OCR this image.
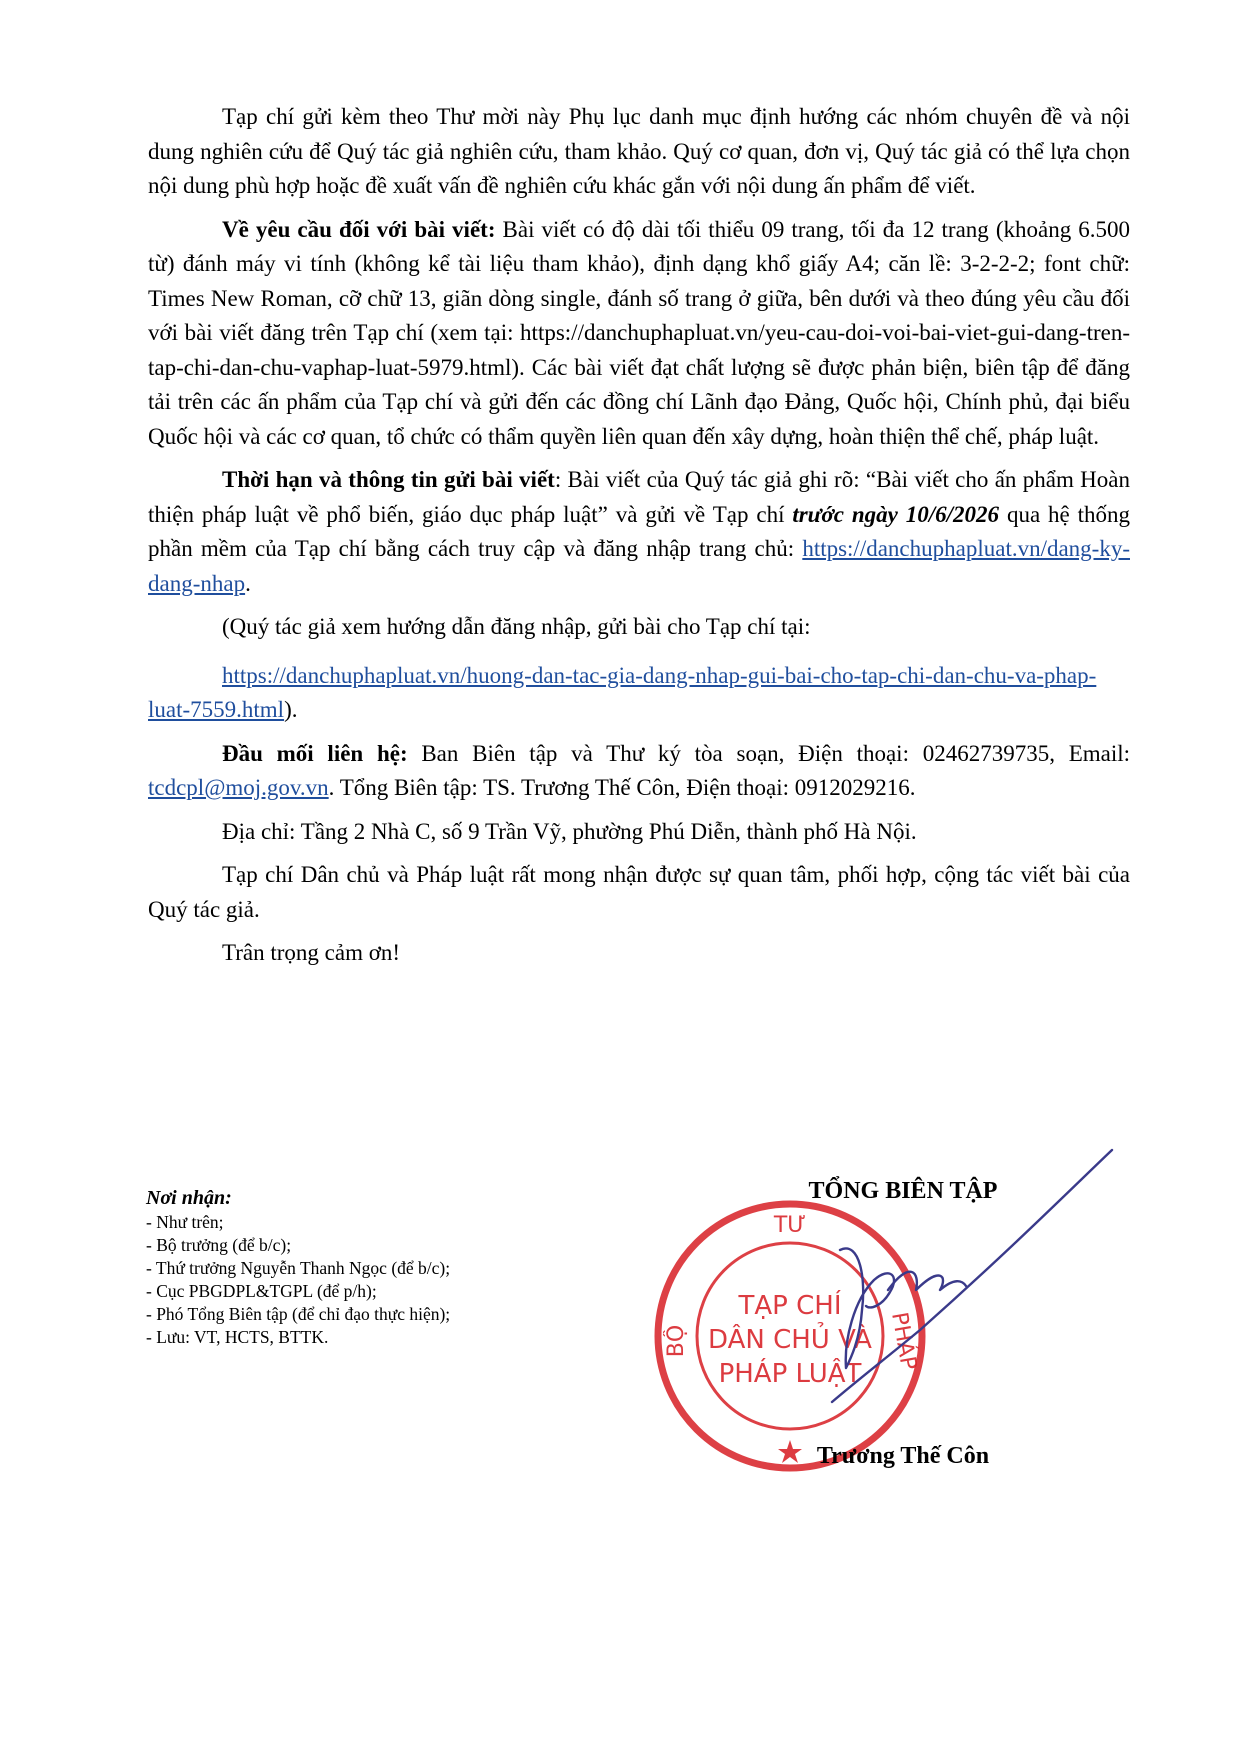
Tạp chí gửi kèm theo Thư mời này Phụ lục danh mục định hướng các nhóm chuyên đề và nội dung nghiên cứu để Quý tác giả nghiên cứu, tham khảo. Quý cơ quan, đơn vị, Quý tác giả có thể lựa chọn nội dung phù hợp hoặc đề xuất vấn đề nghiên cứu khác gắn với nội dung ấn phẩm để viết.

Về yêu cầu đối với bài viết: Bài viết có độ dài tối thiểu 09 trang, tối đa 12 trang (khoảng 6.500 từ) đánh máy vi tính (không kể tài liệu tham khảo), định dạng khổ giấy A4; căn lề: 3-2-2-2; font chữ: Times New Roman, cỡ chữ 13, giãn dòng single, đánh số trang ở giữa, bên dưới và theo đúng yêu cầu đối với bài viết đăng trên Tạp chí (xem tại: https://danchuphapluat.vn/yeu-cau-doi-voi-bai-viet-gui-dang-tren-tap-chi-dan-chu-vaphap-luat-5979.html). Các bài viết đạt chất lượng sẽ được phản biện, biên tập để đăng tải trên các ấn phẩm của Tạp chí và gửi đến các đồng chí Lãnh đạo Đảng, Quốc hội, Chính phủ, đại biểu Quốc hội và các cơ quan, tổ chức có thẩm quyền liên quan đến xây dựng, hoàn thiện thể chế, pháp luật.

Thời hạn và thông tin gửi bài viết: Bài viết của Quý tác giả ghi rõ: “Bài viết cho ấn phẩm Hoàn thiện pháp luật về phổ biến, giáo dục pháp luật” và gửi về Tạp chí trước ngày 10/6/2026 qua hệ thống phần mềm của Tạp chí bằng cách truy cập và đăng nhập trang chủ: https://danchuphapluat.vn/dang-ky-dang-nhap.

(Quý tác giả xem hướng dẫn đăng nhập, gửi bài cho Tạp chí tại:

https://danchuphapluat.vn/huong-dan-tac-gia-dang-nhap-gui-bai-cho-tap-chi-dan-chu-va-phap-luat-7559.html).

Đầu mối liên hệ: Ban Biên tập và Thư ký tòa soạn, Điện thoại: 02462739735, Email: tcdcpl@moj.gov.vn. Tổng Biên tập: TS. Trương Thế Côn, Điện thoại: 0912029216.

Địa chỉ: Tầng 2 Nhà C, số 9 Trần Vỹ, phường Phú Diễn, thành phố Hà Nội.

Tạp chí Dân chủ và Pháp luật rất mong nhận được sự quan tâm, phối hợp, cộng tác viết bài của Quý tác giả.

Trân trọng cảm ơn!

Nơi nhận:
- Như trên;
- Bộ trưởng (để b/c);
- Thứ trưởng Nguyễn Thanh Ngọc (để b/c);
- Cục PBGDPL&TGPL (để p/h);
- Phó Tổng Biên tập (để chỉ đạo thực hiện);
- Lưu: VT, HCTS, BTTK.
TỔNG BIÊN TẬP
TƯ
BỘ	PHÁP
TẠP CHÍ
DÂN CHỦ VÀ
PHÁP LUẬT
Trương Thế Côn
